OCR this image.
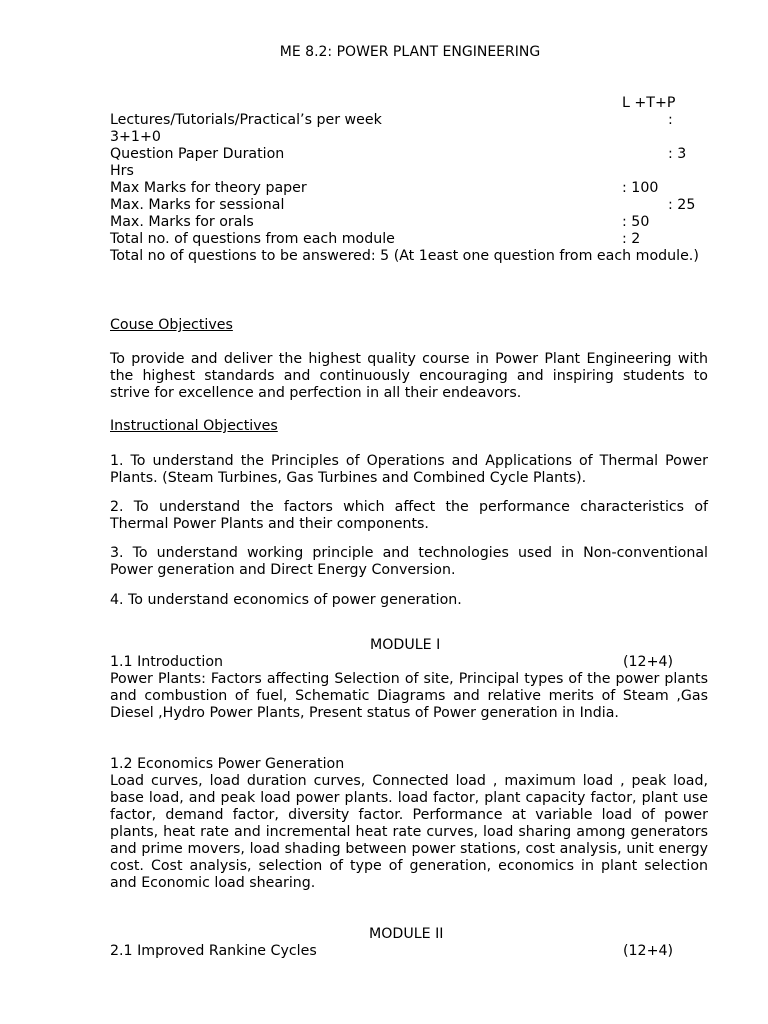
ME 8.2: POWER PLANT ENGINEERING
L +T+P
Lectures/Tutorials/Practical’s per week	:
3+1+0
Question Paper Duration	: 3
Hrs
Max Marks for theory paper	: 100
Max. Marks for sessional	: 25
Max. Marks for orals	: 50
Total no. of questions from each module	: 2
Total no of questions to be answered: 5 (At 1east one question from each module.)
Couse Objectives
To provide and deliver the highest quality course in Power Plant Engineering with the highest standards and continuously encouraging and inspiring students to strive for excellence and perfection in all their endeavors.
Instructional Objectives
1. To understand the Principles of Operations and Applications of Thermal Power Plants. (Steam Turbines, Gas Turbines and Combined Cycle Plants).
2. To understand the factors which affect the performance characteristics of Thermal Power Plants and their components.
3. To understand working principle and technologies used in Non-conventional Power generation and Direct Energy Conversion.
4. To understand economics of power generation.
MODULE I
1.1 Introduction	(12+4)
Power Plants: Factors affecting Selection of site, Principal types of the power plants and combustion of fuel, Schematic Diagrams and relative merits of Steam ,Gas Diesel ,Hydro Power Plants, Present status of Power generation in India.
1.2 Economics Power Generation
Load curves, load duration curves, Connected load , maximum load , peak load, base load, and peak load power plants. load factor, plant capacity factor, plant use factor, demand factor, diversity factor. Performance at variable load of power plants, heat rate and incremental heat rate curves, load sharing among generators and prime movers, load shading between power stations, cost analysis, unit energy cost. Cost analysis, selection of type of generation, economics in plant selection and Economic load shearing.
MODULE II
2.1 Improved Rankine Cycles	(12+4)
